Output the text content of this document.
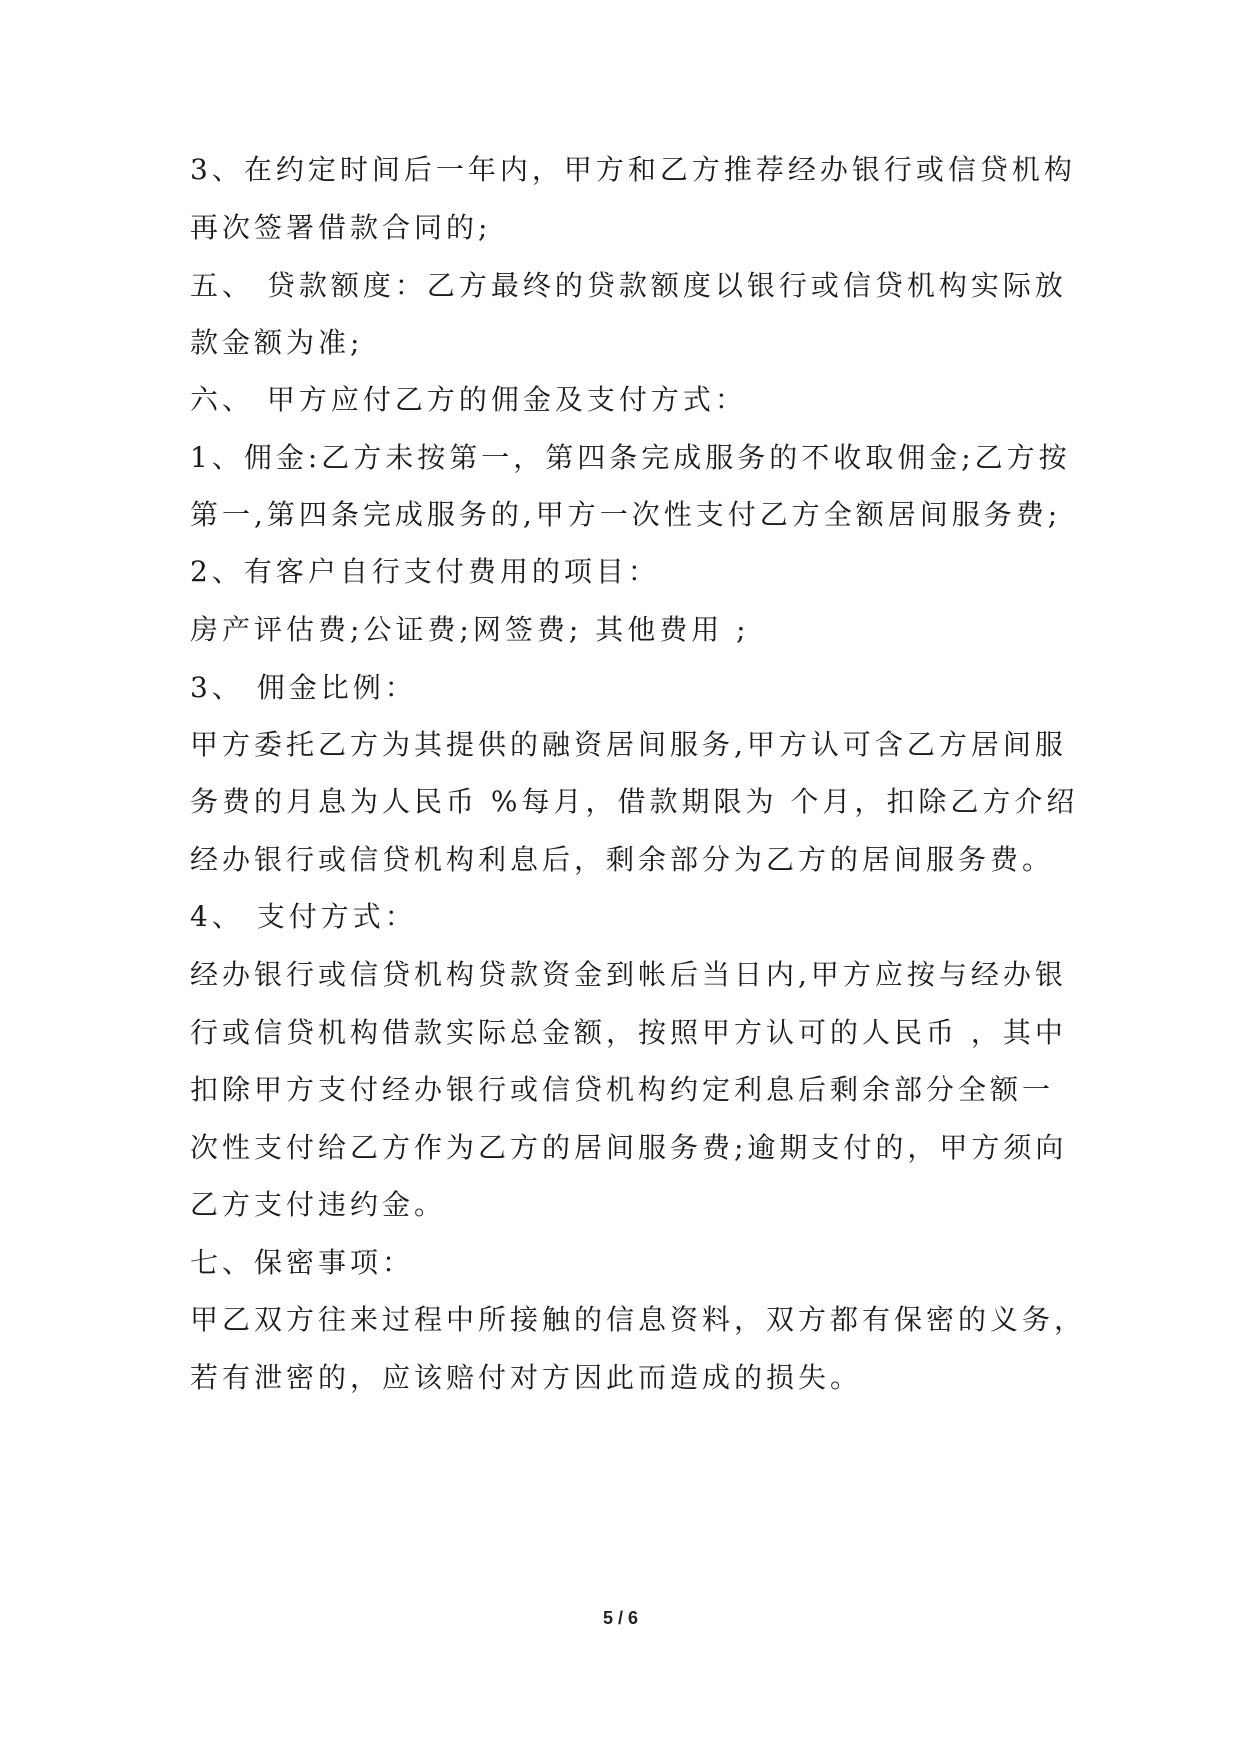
3、在约定时间后一年内，甲方和乙方推荐经办银行或信贷机构
再次签署借款合同的;
五、 贷款额度：乙方最终的贷款额度以银行或信贷机构实际放
款金额为准;
六、 甲方应付乙方的佣金及支付方式：
1、佣金:乙方未按第一，第四条完成服务的不收取佣金;乙方按
第一,第四条完成服务的,甲方一次性支付乙方全额居间服务费;
2、有客户自行支付费用的项目：
房产评估费;公证费;网签费; 其他费用 ;
3、 佣金比例：
甲方委托乙方为其提供的融资居间服务,甲方认可含乙方居间服
务费的月息为人民币 %每月，借款期限为 个月，扣除乙方介绍
经办银行或信贷机构利息后，剩余部分为乙方的居间服务费。
4、 支付方式：
经办银行或信贷机构贷款资金到帐后当日内,甲方应按与经办银
行或信贷机构借款实际总金额，按照甲方认可的人民币 ，其中
扣除甲方支付经办银行或信贷机构约定利息后剩余部分全额一
次性支付给乙方作为乙方的居间服务费;逾期支付的，甲方须向
乙方支付违约金。
七、保密事项：
甲乙双方往来过程中所接触的信息资料，双方都有保密的义务，
若有泄密的，应该赔付对方因此而造成的损失。
5 / 6
